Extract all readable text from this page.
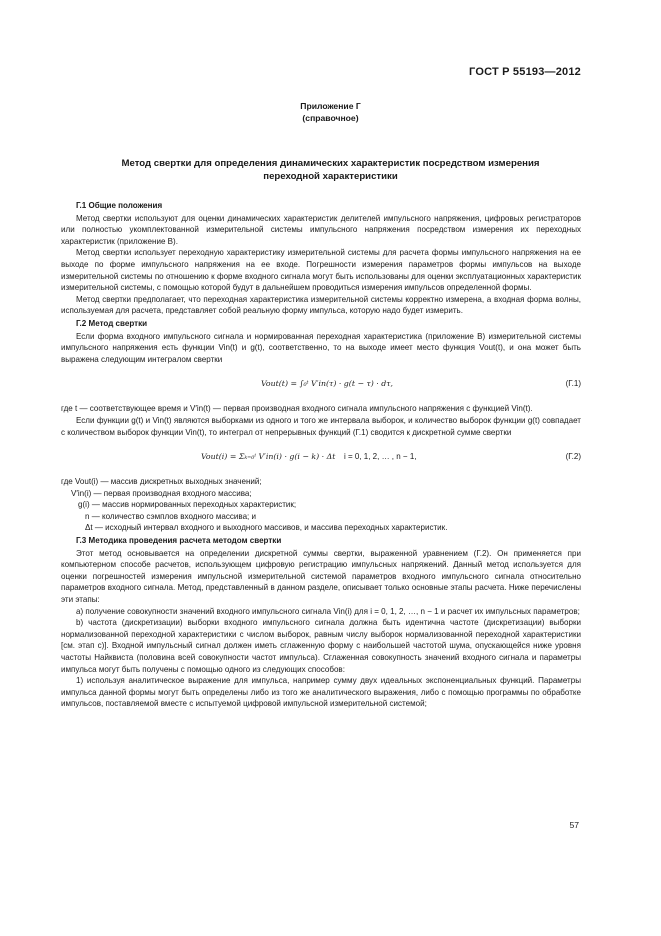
ГОСТ Р 55193—2012
Приложение Г
(справочное)
Метод свертки для определения динамических характеристик посредством измерения
переходной характеристики

Г.1 Общие положения

Метод свертки используют для оценки динамических характеристик делителей импульсного напряжения, цифровых регистраторов или полностью укомплектованной измерительной системы импульсного напряжения посредством измерения их переходных характеристик (приложение В).

Метод свертки использует переходную характеристику измерительной системы для расчета формы импульсного напряжения на ее выходе по форме импульсного напряжения на ее входе. Погрешности измерения параметров формы импульсов на выходе измерительной системы по отношению к форме входного сигнала могут быть использованы для оценки эксплуатационных характеристик измерительной системы, с помощью которой будут в дальнейшем проводиться измерения импульсов определенной формы.

Метод свертки предполагает, что переходная характеристика измерительной системы корректно измерена, а входная форма волны, используемая для расчета, представляет собой реальную форму импульса, которую надо будет измерить.

Г.2 Метод свертки

Если форма входного импульсного сигнала и нормированная переходная характеристика (приложение В) измерительной системы импульсного напряжения есть функции Vin(t) и g(t), соответственно, то на выходе имеет место функция Vout(t), и она может быть выражена следующим интегралом свертки

Vout(t) = ∫₀ᵗ V′in(τ) · g(t − τ) · dτ,	(Г.1)

где t — соответствующее время и V′in(t) — первая производная входного сигнала импульсного напряжения с функцией Vin(t).

Если функции g(t) и Vin(t) являются выборками из одного и того же интервала выборок, и количество выборок функции g(t) совпадает с количеством выборок функции Vin(t), то интеграл от непрерывных функций (Г.1) сводится к дискретной сумме свертки

Vout(i) = Σₖ₌₀ⁱ V′in(i) · g(i − k) · Δt i = 0, 1, 2, … , n − 1,	(Г.2)

где Vout(i) — массив дискретных выходных значений;

V′in(i) — первая производная входного массива;

g(i) — массив нормированных переходных характеристик;

n — количество сэмплов входного массива; и

Δt — исходный интервал входного и выходного массивов, и массива переходных характеристик.

Г.3 Методика проведения расчета методом свертки

Этот метод основывается на определении дискретной суммы свертки, выраженной уравнением (Г.2). Он применяется при компьютерном способе расчетов, использующем цифровую регистрацию импульсных напряжений. Данный метод используется для оценки погрешностей измерения импульсной измерительной системой параметров входного импульсного сигнала относительно параметров входного сигнала. Метод, представленный в данном разделе, описывает только основные этапы расчета. Ниже перечислены эти этапы:

а) получение совокупности значений входного импульсного сигнала Vin(i) для i = 0, 1, 2, …, n − 1 и расчет их импульсных параметров;

b) частота (дискретизации) выборки входного импульсного сигнала должна быть идентична частоте (дискретизации) выборки нормализованной переходной характеристики с числом выборок, равным числу выборок нормализованной переходной характеристики [см. этап с)]. Входной импульсный сигнал должен иметь сглаженную форму с наибольшей частотой шума, опускающейся ниже уровня частоты Найквиста (половина всей совокупности частот импульса). Сглаженная совокупность значений входного сигнала и параметры импульса могут быть получены с помощью одного из следующих способов:

1) используя аналитическое выражение для импульса, например сумму двух идеальных экспоненциальных функций. Параметры импульса данной формы могут быть определены либо из того же аналитического выражения, либо с помощью программы по обработке импульсов, поставляемой вместе с испытуемой цифровой импульсной измерительной системой;

57
